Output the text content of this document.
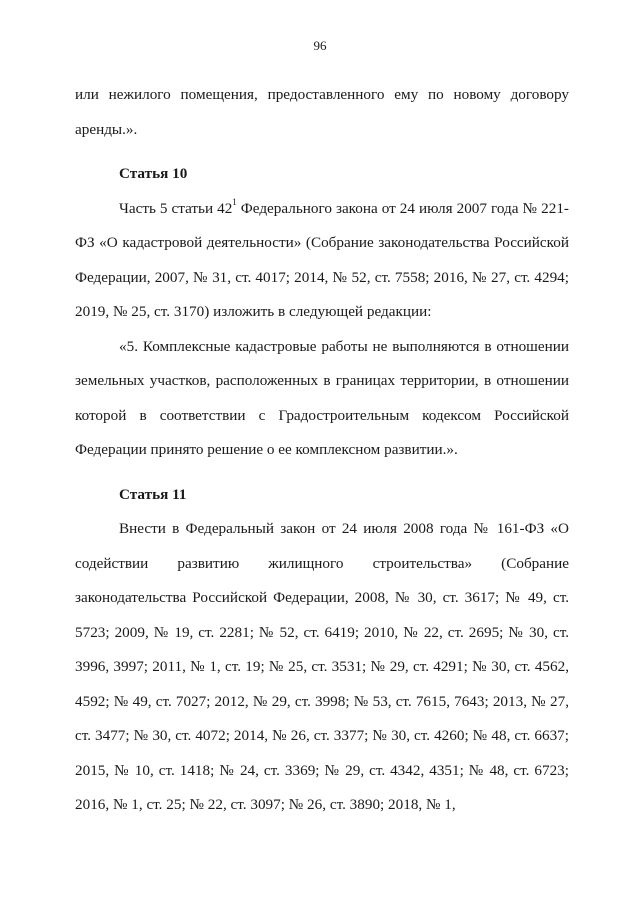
96

или нежилого помещения, предоставленного ему по новому договору аренды.».

Статья 10

Часть 5 статьи $42^1$ Федерального закона от 24 июля 2007 года № 221-ФЗ «О кадастровой деятельности» (Собрание законодательства Российской Федерации, 2007, № 31, ст. 4017; 2014, № 52, ст. 7558; 2016, № 27, ст. 4294; 2019, № 25, ст. 3170) изложить в следующей редакции:

«5. Комплексные кадастровые работы не выполняются в отношении земельных участков, расположенных в границах территории, в отношении которой в соответствии с Градостроительным кодексом Российской Федерации принято решение о ее комплексном развитии.».

Статья 11

Внести в Федеральный закон от 24 июля 2008 года № 161-ФЗ «О содействии развитию жилищного строительства» (Собрание законодательства Российской Федерации, 2008, № 30, ст. 3617; № 49, ст. 5723; 2009, № 19, ст. 2281; № 52, ст. 6419; 2010, № 22, ст. 2695; № 30, ст. 3996, 3997; 2011, № 1, ст. 19; № 25, ст. 3531; № 29, ст. 4291; № 30, ст. 4562, 4592; № 49, ст. 7027; 2012, № 29, ст. 3998; № 53, ст. 7615, 7643; 2013, № 27, ст. 3477; № 30, ст. 4072; 2014, № 26, ст. 3377; № 30, ст. 4260; № 48, ст. 6637; 2015, № 10, ст. 1418; № 24, ст. 3369; № 29, ст. 4342, 4351; № 48, ст. 6723; 2016, № 1, ст. 25; № 22, ст. 3097; № 26, ст. 3890; 2018, № 1,
